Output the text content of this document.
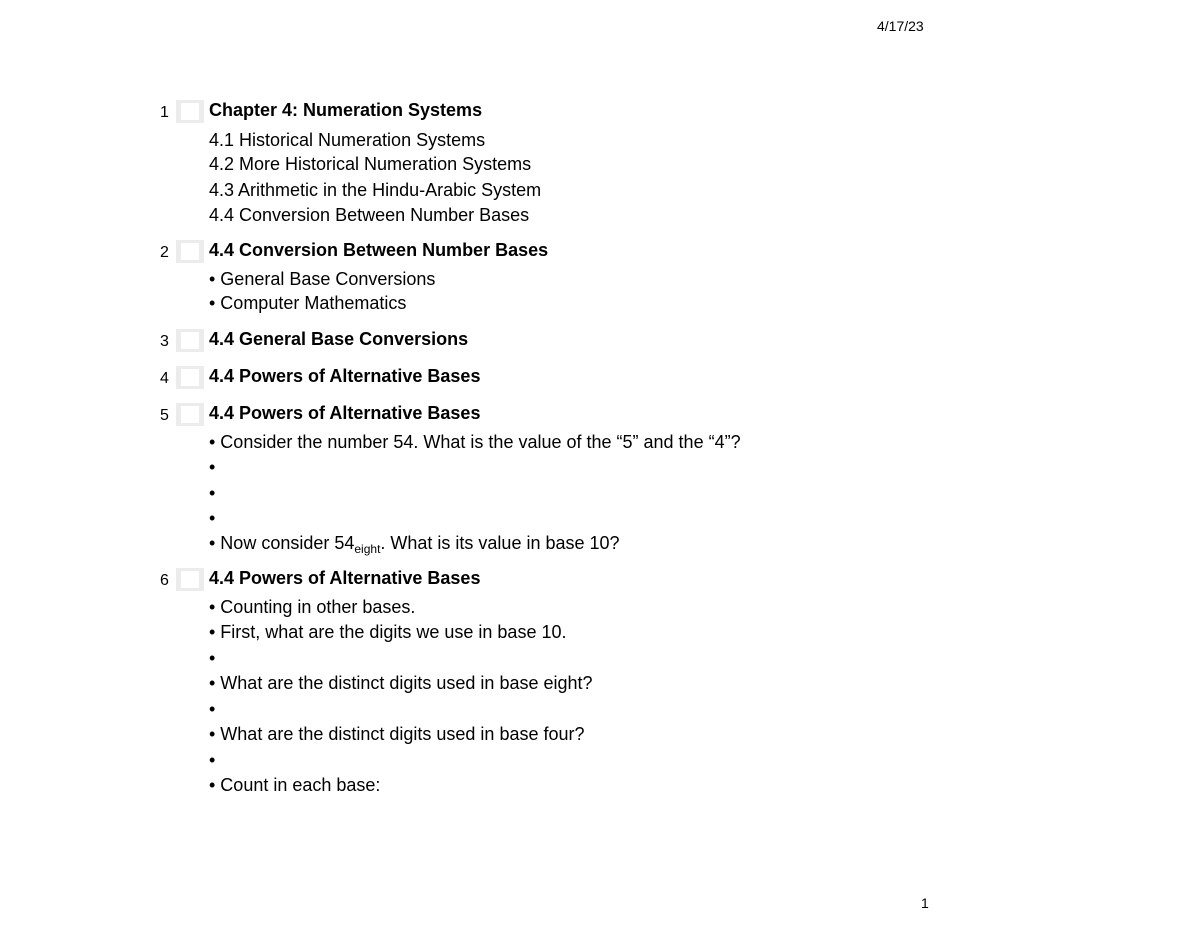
4/17/23
1 Chapter 4: Numeration Systems
4.1 Historical Numeration Systems
4.2 More Historical Numeration Systems
4.3 Arithmetic in the Hindu-Arabic System
4.4 Conversion Between Number Bases
2 4.4 Conversion Between Number Bases
• General Base Conversions
• Computer Mathematics
3 4.4 General Base Conversions
4 4.4 Powers of Alternative Bases
5 4.4 Powers of Alternative Bases
• Consider the number 54. What is the value of the “5” and the “4”?
•
•
•
• Now consider $54_{eight}$. What is its value in base 10?
6 4.4 Powers of Alternative Bases
• Counting in other bases.
• First, what are the digits we use in base 10.
•
• What are the distinct digits used in base eight?
•
• What are the distinct digits used in base four?
•
• Count in each base:
1
